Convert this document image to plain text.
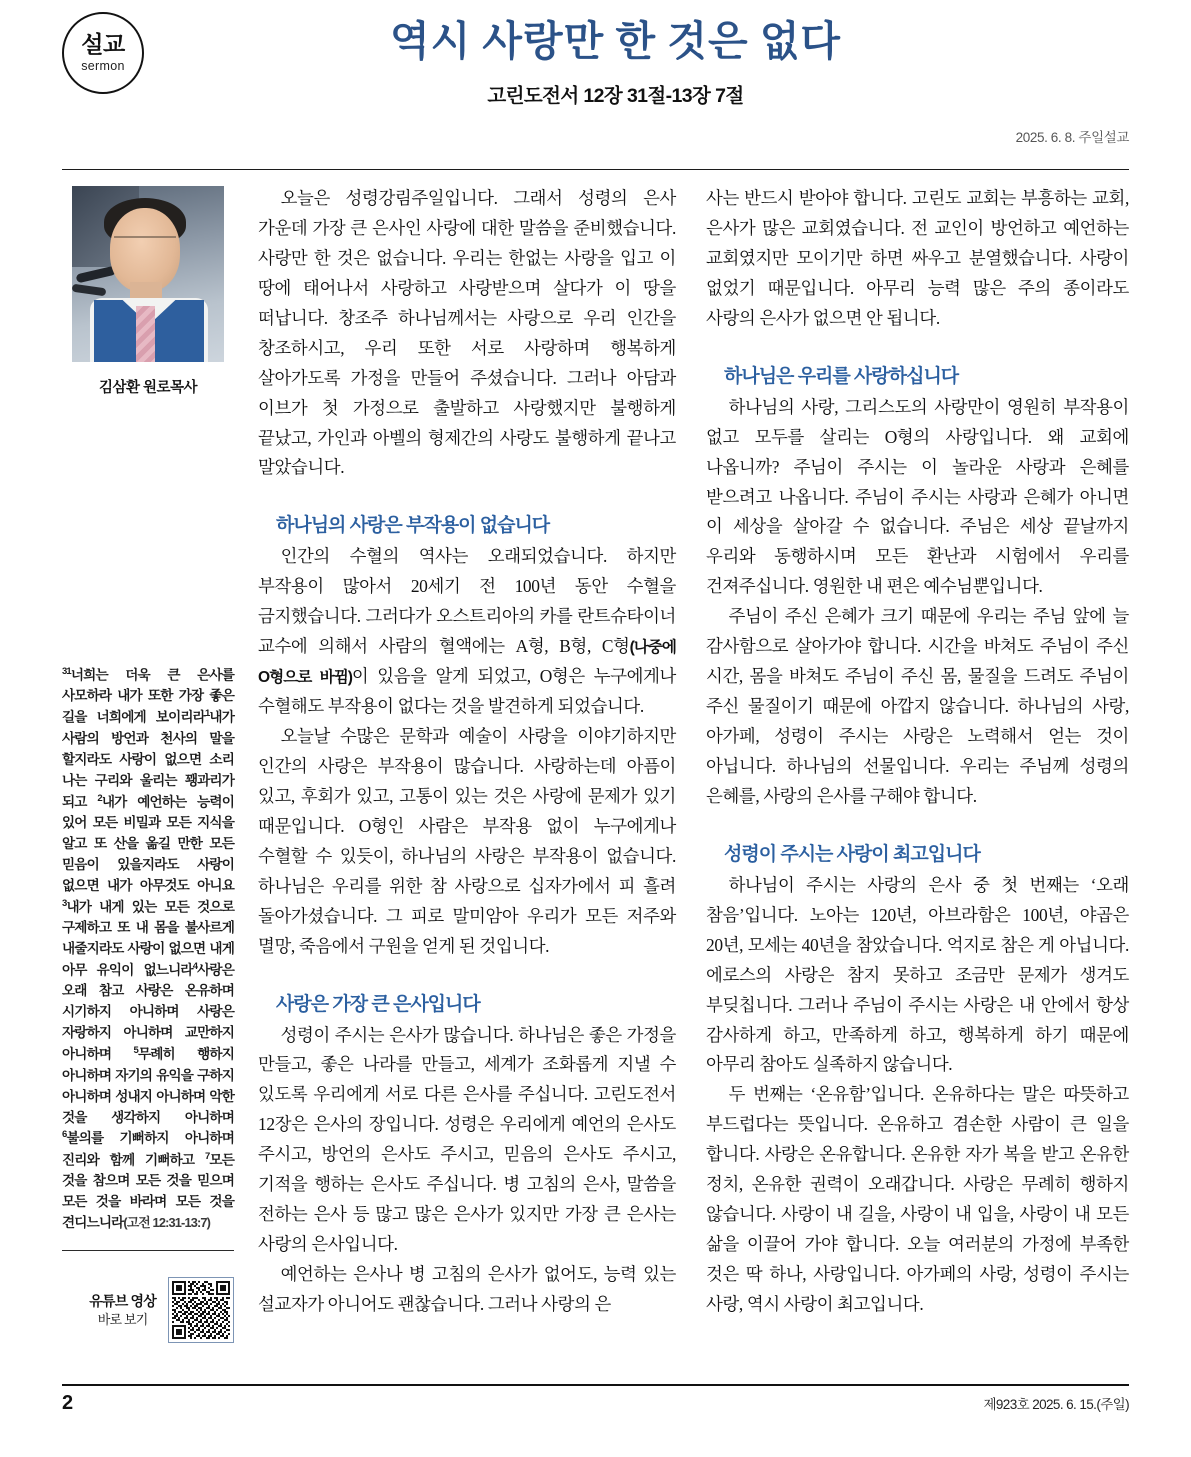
설교
sermon
역시 사랑만 한 것은 없다
고린도전서 12장 31절-13장 7절
2025. 6. 8. 주일설교
김삼환 원로목사
$^{31}$너희는 더욱 큰 은사를 사모하라 내가 또한 가장 좋은 길을 너희에게 보이리라$^1$내가 사람의 방언과 천사의 말을 할지라도 사랑이 없으면 소리 나는 구리와 울리는 꽹과리가 되고 $^2$내가 예언하는 능력이 있어 모든 비밀과 모든 지식을 알고 또 산을 옮길 만한 모든 믿음이 있을지라도 사랑이 없으면 내가 아무것도 아니요 $^3$내가 내게 있는 모든 것으로 구제하고 또 내 몸을 불사르게 내줄지라도 사랑이 없으면 내게 아무 유익이 없느니라$^4$사랑은 오래 참고 사랑은 온유하며 시기하지 아니하며 사랑은 자랑하지 아니하며 교만하지 아니하며 $^5$무례히 행하지 아니하며 자기의 유익을 구하지 아니하며 성내지 아니하며 악한 것을 생각하지 아니하며 $^6$불의를 기뻐하지 아니하며 진리와 함께 기뻐하고 $^7$모든 것을 참으며 모든 것을 믿으며 모든 것을 바라며 모든 것을 견디느니라(고전 12:31-13:7)
유튜브 영상
바로 보기

오늘은 성령강림주일입니다. 그래서 성령의 은사 가운데 가장 큰 은사인 사랑에 대한 말씀을 준비했습니다. 사랑만 한 것은 없습니다. 우리는 한없는 사랑을 입고 이 땅에 태어나서 사랑하고 사랑받으며 살다가 이 땅을 떠납니다. 창조주 하나님께서는 사랑으로 우리 인간을 창조하시고, 우리 또한 서로 사랑하며 행복하게 살아가도록 가정을 만들어 주셨습니다. 그러나 아담과 이브가 첫 가정으로 출발하고 사랑했지만 불행하게 끝났고, 가인과 아벨의 형제간의 사랑도 불행하게 끝나고 말았습니다.

하나님의 사랑은 부작용이 없습니다

인간의 수혈의 역사는 오래되었습니다. 하지만 부작용이 많아서 20세기 전 100년 동안 수혈을 금지했습니다. 그러다가 오스트리아의 카를 란트슈타이너 교수에 의해서 사람의 혈액에는 A형, B형, C형(나중에 O형으로 바뀜)이 있음을 알게 되었고, O형은 누구에게나 수혈해도 부작용이 없다는 것을 발견하게 되었습니다.

오늘날 수많은 문학과 예술이 사랑을 이야기하지만 인간의 사랑은 부작용이 많습니다. 사랑하는데 아픔이 있고, 후회가 있고, 고통이 있는 것은 사랑에 문제가 있기 때문입니다. O형인 사람은 부작용 없이 누구에게나 수혈할 수 있듯이, 하나님의 사랑은 부작용이 없습니다. 하나님은 우리를 위한 참 사랑으로 십자가에서 피 흘려 돌아가셨습니다. 그 피로 말미암아 우리가 모든 저주와 멸망, 죽음에서 구원을 얻게 된 것입니다.

사랑은 가장 큰 은사입니다

성령이 주시는 은사가 많습니다. 하나님은 좋은 가정을 만들고, 좋은 나라를 만들고, 세계가 조화롭게 지낼 수 있도록 우리에게 서로 다른 은사를 주십니다. 고린도전서 12장은 은사의 장입니다. 성령은 우리에게 예언의 은사도 주시고, 방언의 은사도 주시고, 믿음의 은사도 주시고, 기적을 행하는 은사도 주십니다. 병 고침의 은사, 말씀을 전하는 은사 등 많고 많은 은사가 있지만 가장 큰 은사는 사랑의 은사입니다.

예언하는 은사나 병 고침의 은사가 없어도, 능력 있는 설교자가 아니어도 괜찮습니다. 그러나 사랑의 은

사는 반드시 받아야 합니다. 고린도 교회는 부흥하는 교회, 은사가 많은 교회였습니다. 전 교인이 방언하고 예언하는 교회였지만 모이기만 하면 싸우고 분열했습니다. 사랑이 없었기 때문입니다. 아무리 능력 많은 주의 종이라도 사랑의 은사가 없으면 안 됩니다.

하나님은 우리를 사랑하십니다

하나님의 사랑, 그리스도의 사랑만이 영원히 부작용이 없고 모두를 살리는 O형의 사랑입니다. 왜 교회에 나옵니까? 주님이 주시는 이 놀라운 사랑과 은혜를 받으려고 나옵니다. 주님이 주시는 사랑과 은혜가 아니면 이 세상을 살아갈 수 없습니다. 주님은 세상 끝날까지 우리와 동행하시며 모든 환난과 시험에서 우리를 건져주십니다. 영원한 내 편은 예수님뿐입니다.

주님이 주신 은혜가 크기 때문에 우리는 주님 앞에 늘 감사함으로 살아가야 합니다. 시간을 바쳐도 주님이 주신 시간, 몸을 바쳐도 주님이 주신 몸, 물질을 드려도 주님이 주신 물질이기 때문에 아깝지 않습니다. 하나님의 사랑, 아가페, 성령이 주시는 사랑은 노력해서 얻는 것이 아닙니다. 하나님의 선물입니다. 우리는 주님께 성령의 은혜를, 사랑의 은사를 구해야 합니다.

성령이 주시는 사랑이 최고입니다

하나님이 주시는 사랑의 은사 중 첫 번째는 ‘오래 참음’입니다. 노아는 120년, 아브라함은 100년, 야곱은 20년, 모세는 40년을 참았습니다. 억지로 참은 게 아닙니다. 에로스의 사랑은 참지 못하고 조금만 문제가 생겨도 부딪칩니다. 그러나 주님이 주시는 사랑은 내 안에서 항상 감사하게 하고, 만족하게 하고, 행복하게 하기 때문에 아무리 참아도 실족하지 않습니다.

두 번째는 ‘온유함’입니다. 온유하다는 말은 따뜻하고 부드럽다는 뜻입니다. 온유하고 겸손한 사람이 큰 일을 합니다. 사랑은 온유합니다. 온유한 자가 복을 받고 온유한 정치, 온유한 권력이 오래갑니다. 사랑은 무례히 행하지 않습니다. 사랑이 내 길을, 사랑이 내 입을, 사랑이 내 모든 삶을 이끌어 가야 합니다. 오늘 여러분의 가정에 부족한 것은 딱 하나, 사랑입니다. 아가페의 사랑, 성령이 주시는 사랑, 역시 사랑이 최고입니다.

2	제923호 2025. 6. 15.(주일)
